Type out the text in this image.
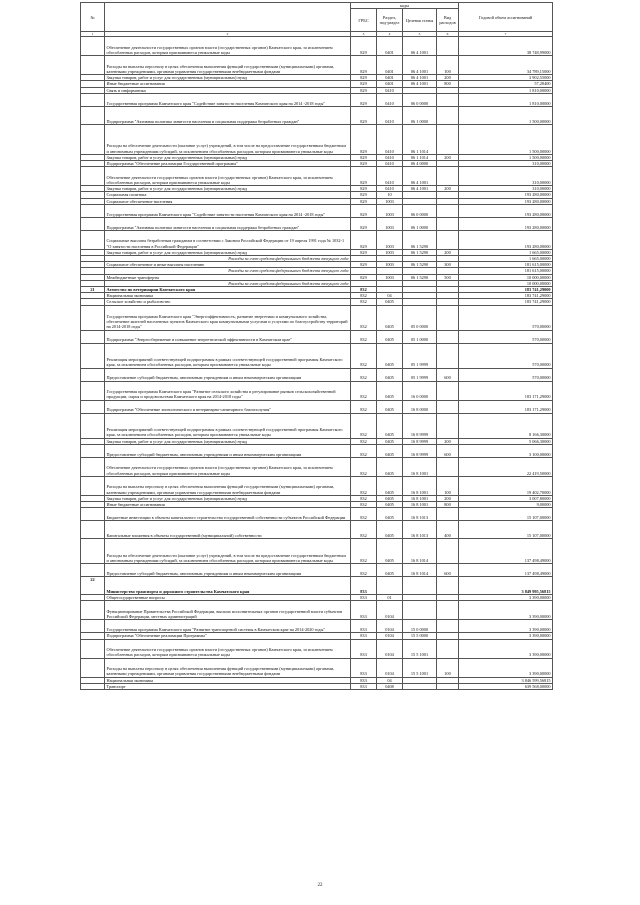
№		коды				Годовой объем ассигнований
		ГРБС	Раздел, под-раздел	Целевая статья	Вид расходов	
1	2	3	4	5	6	7
	Обеспечение деятельности государственных органов власти (государственных органов) Камчатского края, за исключением обособленных расходов, которым присваиваются уникальные коды	829	0401	06 4 1001		38 748,99000
	Расходы на выплаты персоналу в целях обеспечения выполнения функций государственными (муниципальными) органами, казенными учреждениями, органами управления государственными внебюджетными фондами	829	0401	06 4 1001	100	34 789,15000
	Закупка товаров, работ и услуг для государственных (муниципальных) нужд	829	0401	06 4 1001	200	3 902,55000
	Иные бюджетные ассигнования	829	0401	06 4 1001	800	57,28400
	Связь и информатика	829	0410			1 810,00000
	Государственная программа Камчатского края "Содействие занятости населения Камчатского края на 2014 -2018 годы"	829	0410	06 0 0000		1 810,00000
	Подпрограмма "Активная политика занятости населения и социальная поддержка безработных граждан"	829	0410	06 1 0000		1 500,00000
	Расходы на обеспечение деятельности (оказание услуг) учреждений, в том числе на предоставление государственным бюджетным и автономным учреждениям субсидий, за исключением обособленных расходов, которым присваиваются уникальные коды	829	0410	06 1 1014		1 500,00000
	Закупка товаров, работ и услуг для государственных (муниципальных) нужд	829	0410	06 1 1014	200	1 500,00000
	Подпрограмма "Обеспечение реализации Государственной программы"	829	0410	06 4 0000		310,00000
	Обеспечение деятельности государственных органов власти (государственных органов) Камчатского края, за исключением обособленных расходов, которым присваиваются уникальные коды	829	0410	06 4 1001		310,00000
	Закупка товаров, работ и услуг для государственных (муниципальных) нужд	829	0410	06 4 1001	200	310,00000
	Социальная политика	829	10			193 280,00000
	Социальное обеспечение населения	829	1003			193 280,00000
	Государственная программа Камчатского края "Содействие занятости населения Камчатского края на 2014 -2018 годы"	829	1003	06 0 0000		193 280,00000
	Подпрограмма "Активная политика занятости населения и социальная поддержка безработных граждан"	829	1003	06 1 0000		193 280,00000
	Социальные выплаты безработным гражданам в соответствии с Законом Российской Федерации от 19 апреля 1991 года № 1032-1 "О занятости населения в Российской Федерации"	829	1003	06 1 5290		193 280,00000
	Закупка товаров, работ и услуг для государственных (муниципальных) нужд	829	1003	06 1 5290	200	1 665,00000
	Расходы за счет средств федерального бюджета текущего года					1 665,00000
	Социальное обеспечение и иные выплаты населению	829	1003	06 1 5290	300	181 615,00000
	Расходы за счет средств федерального бюджета текущего года					181 615,00000
	Межбюджетные трансферты	829	1003	06 1 5290	500	10 000,00000
	Расходы за счет средств федерального бюджета текущего года					10 000,00000
21	Агентство по ветеринарии Камчатского края	832				183 741,29000
	Национальная экономика	832	04			183 741,29000
	Сельское хозяйство и рыболовство	832	0405			183 741,29000
	Государственная программа Камчатского края "Энергоэффективность, развитие энергетики и коммунального хозяйства, обеспечение жителей населенных пунктов Камчатского края коммунальными услугами и услугами по благоустройству территорий на 2014-2018 годы"	832	0405	05 0 0000		570,00000
	Подпрограмма "Энергосбережение и повышение энергетической эффективности в Камчатском крае"	832	0405	05 1 0000		570,00000
	Реализация мероприятий соответствующей подпрограммы в рамках соответствующей государственной программы Камчатского края, за исключением обособленных расходов, которым присваиваются уникальные коды	832	0405	05 1 9999		570,00000
	Предоставление субсидий бюджетным, автономным учреждениям и иным некоммерческим организациям	832	0405	05 1 9999	600	570,00000
	Государственная программа Камчатского края "Развитие сельского хозяйства и регулирование рынков сельскохозяйственной продукции, сырья и продовольствия Камчатского края на 2014-2018 годы"	832	0405	16 0 0000		183 171,29000
	Подпрограмма "Обеспечение эпизоотического и ветеринарно-санитарного благополучия"	832	0405	16 8 0000		183 171,29000
	Реализация мероприятий соответствующей подпрограммы в рамках соответствующей государственной программы Камчатского края, за исключением обособленных расходов, которым присваиваются уникальные коды	832	0405	16 8 9999		8 166,30000
	Закупка товаров, работ и услуг для государственных (муниципальных) нужд	832	0405	16 8 9999	200	5 066,30000
	Предоставление субсидий бюджетным, автономным учреждениям и иным некоммерческим организациям	832	0405	16 8 9999	600	3 100,00000
	Обеспечение деятельности государственных органов власти (государственных органов) Камчатского края, за исключением обособленных расходов, которым присваиваются уникальные коды	832	0405	16 8 1001		22 419,50000
	Расходы на выплаты персоналу в целях обеспечения выполнения функций государственными (муниципальными) органами, казенными учреждениями, органами управления государственными внебюджетными фондами	832	0405	16 8 1001	100	19 402,70000
	Закупка товаров, работ и услуг для государственных (муниципальных) нужд	832	0405	16 8 1001	200	3 007,80000
	Иные бюджетные ассигнования	832	0405	16 8 1001	800	9,00000
	Бюджетные инвестиции в объекты капитального строительства государственной собственности субъектов Российской Федерации	832	0405	16 8 1013		15 107,00000
	Капитальные вложения в объекты государственной (муниципальной) собственности	832	0405	16 8 1013	400	15 107,00000
	Расходы на обеспечение деятельности (оказание услуг) учреждений, в том числе на предоставление государственным бюджетным и автономным учреждениям субсидий, за исключением обособленных расходов, которым присваиваются уникальные коды	832	0405	16 8 1014		137 498,49000
	Предоставление субсидий бюджетным, автономным учреждениям и иным некоммерческим организациям	832	0405	16 8 1014	600	137 498,49000
22	Министерство транспорта и дорожного строительства Камчатского края	833				3 849 995,56815
	Общегосударственные вопросы	833	01			3 390,00000
	Функционирование Правительства Российской Федерации, высших исполнительных органов государственной власти субъектов Российской Федерации, местных администраций	833	0104			3 390,00000
	Государственная программа Камчатского края "Развитие транспортной системы в Камчатском крае на 2014-2020 годы"	833	0104	15 0 0000		3 390,00000
	Подпрограмма "Обеспечение реализации Программы"	833	0104	15 5 0000		3 390,00000
	Обеспечение деятельности государственных органов власти (государственных органов) Камчатского края, за исключением обособленных расходов, которым присваиваются уникальные коды	833	0104	15 5 1001		3 390,00000
	Расходы на выплаты персоналу в целях обеспечения выполнения функций государственными (муниципальными) органами, казенными учреждениями, органами управления государственными внебюджетными фондами	833	0104	15 5 1001	100	3 390,00000
	Национальная экономика	833	04			3 846 599,56815
	Транспорт	833	0408			639 568,00000
22
